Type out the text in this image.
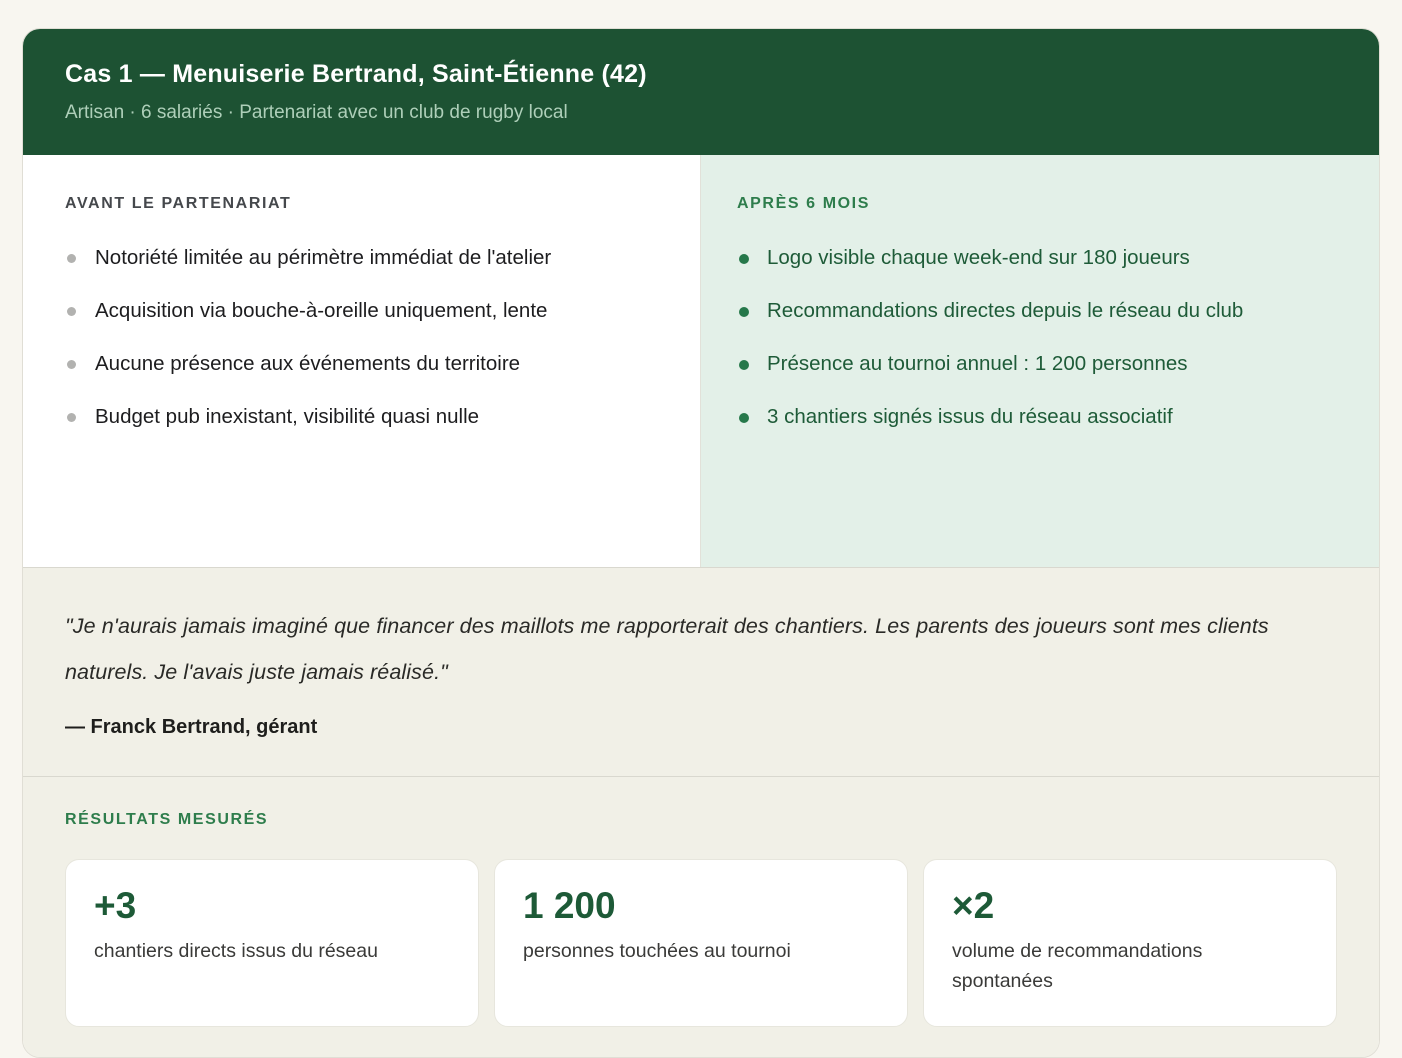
Cas 1 — Menuiserie Bertrand, Saint-Étienne (42)
Artisan · 6 salariés · Partenariat avec un club de rugby local
AVANT LE PARTENARIAT
Notoriété limitée au périmètre immédiat de l'atelier
Acquisition via bouche-à-oreille uniquement, lente
Aucune présence aux événements du territoire
Budget pub inexistant, visibilité quasi nulle
APRÈS 6 MOIS
Logo visible chaque week-end sur 180 joueurs
Recommandations directes depuis le réseau du club
Présence au tournoi annuel : 1 200 personnes
3 chantiers signés issus du réseau associatif
"Je n'aurais jamais imaginé que financer des maillots me rapporterait des chantiers. Les parents des joueurs sont mes clients naturels. Je l'avais juste jamais réalisé."
— Franck Bertrand, gérant
RÉSULTATS MESURÉS
+3
chantiers directs issus du réseau
1 200
personnes touchées au tournoi
×2
volume de recommandations spontanées
